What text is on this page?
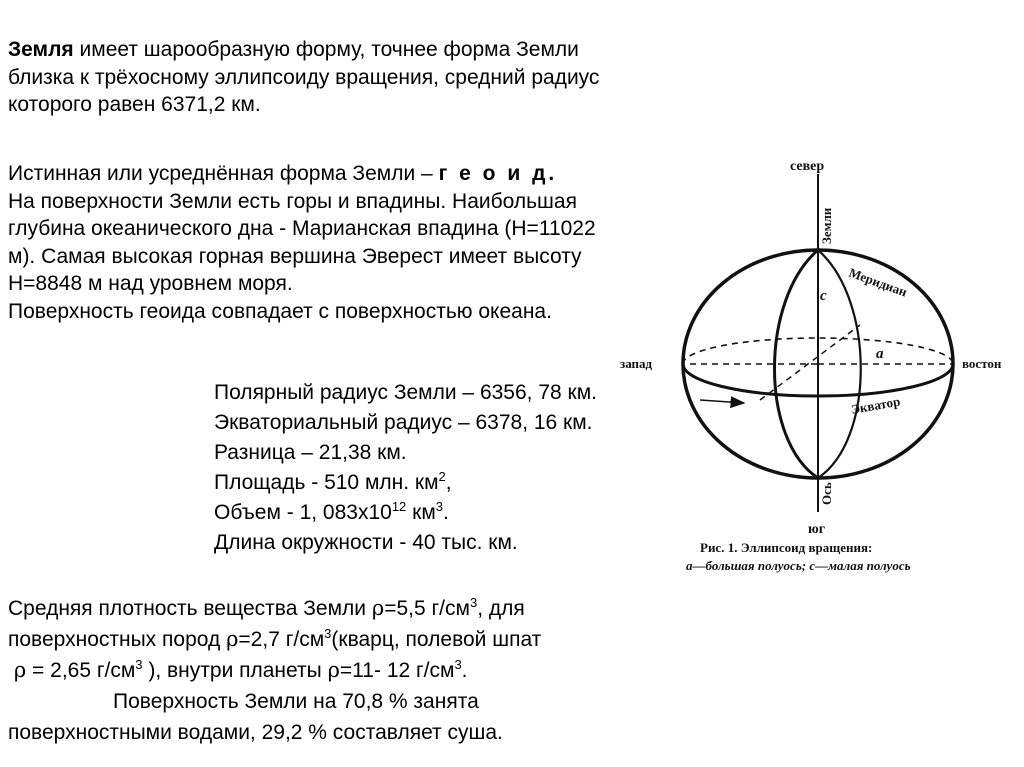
Земля имеет шарообразную форму, точнее форма Земли
близка к трёхосному эллипсоиду вращения, средний радиус
которого равен 6371,2 км.
Истинная или усреднённая форма Земли – г е о и д.
На поверхности Земли есть горы и впадины. Наибольшая
глубина океанического дна - Марианская впадина (H=11022
м). Самая высокая горная вершина Эверест имеет высоту
H=8848 м над уровнем моря.
Поверхность геоида совпадает с поверхностью океана.
Полярный радиус Земли – 6356, 78 км.
Экваториальный радиус – 6378, 16 км.
Разница – 21,38 км.
Площадь - 510 млн. $км^2$,
Объем - 1, $083x10^{12}$ $км^3$.
Длина окружности - 40 тыс. км.
Средняя плотность вещества Земли ρ=5,5 $г/см^3$, для
поверхностных пород ρ=2,7 $г/см^3(кварц$, полевой шпат
ρ = 2,65 $г/см^3$ ), внутри планеты ρ=11- 12 $г/см^3$.
Поверхность Земли на 70,8 % занята
поверхностными водами, 29,2 % составляет суша.
север
юг
запад	востон
Земли
Ось
Меридиан
Экватор
a
c
Рис. 1. Эллипсоид вращения:
a—большая полуось; c—малая полуось
